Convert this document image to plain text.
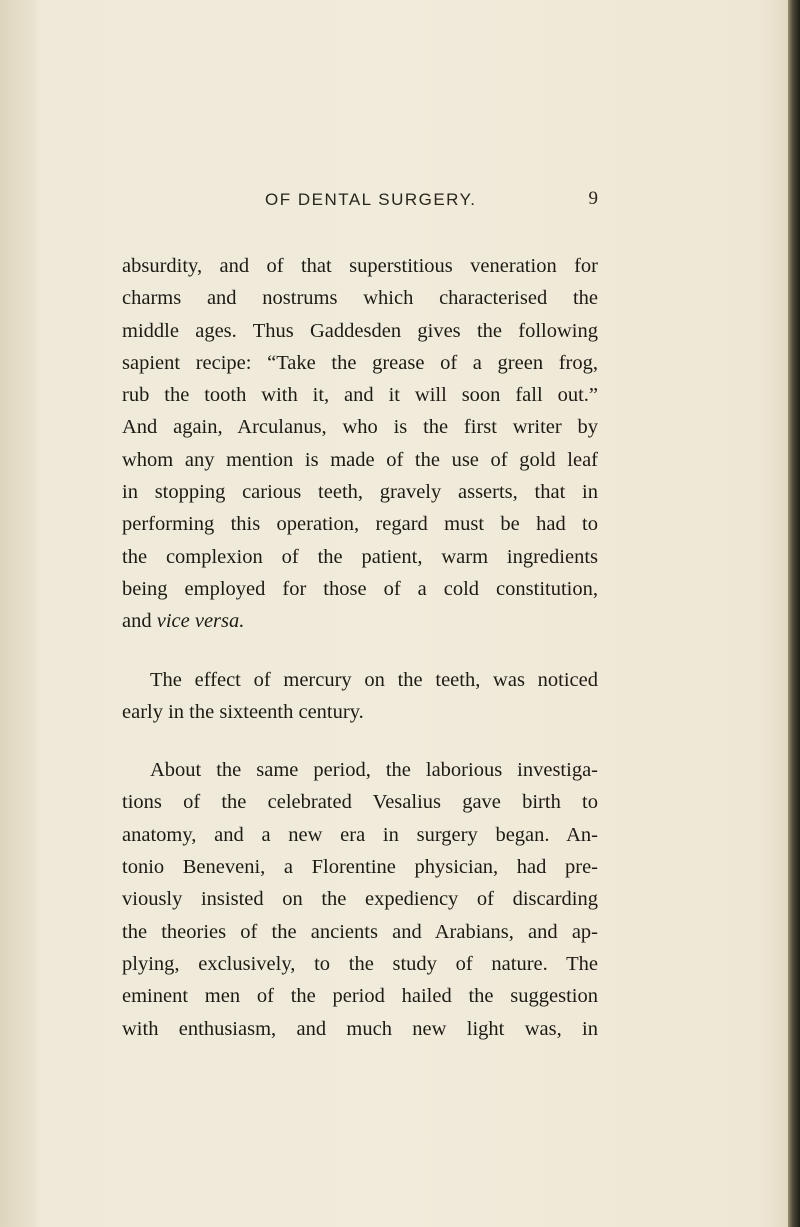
OF DENTAL SURGERY.	9
absurdity, and of that superstitious veneration for
charms and nostrums which characterised the
middle ages. Thus Gaddesden gives the following
sapient recipe: “Take the grease of a green frog,
rub the tooth with it, and it will soon fall out.”
And again, Arculanus, who is the first writer by
whom any mention is made of the use of gold leaf
in stopping carious teeth, gravely asserts, that in
performing this operation, regard must be had to
the complexion of the patient, warm ingredients
being employed for those of a cold constitution,
and vice versa.
The effect of mercury on the teeth, was noticed
early in the sixteenth century.
About the same period, the laborious investiga-
tions of the celebrated Vesalius gave birth to
anatomy, and a new era in surgery began. An-
tonio Beneveni, a Florentine physician, had pre-
viously insisted on the expediency of discarding
the theories of the ancients and Arabians, and ap-
plying, exclusively, to the study of nature. The
eminent men of the period hailed the suggestion
with enthusiasm, and much new light was, in
